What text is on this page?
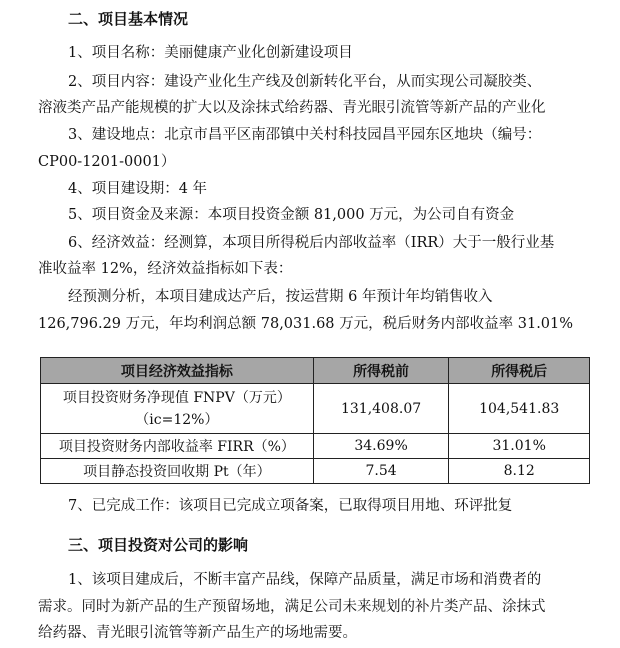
二、项目基本情况
1、项目名称：美丽健康产业化创新建设项目
2、项目内容：建设产业化生产线及创新转化平台，从而实现公司凝胶类、
溶液类产品产能规模的扩大以及涂抹式给药器、青光眼引流管等新产品的产业化
3、建设地点：北京市昌平区南邵镇中关村科技园昌平园东区地块（编号：
CP00-1201-0001）
4、项目建设期：4 年
5、项目资金及来源：本项目投资金额 81,000 万元，为公司自有资金
6、经济效益：经测算，本项目所得税后内部收益率（IRR）大于一般行业基
准收益率 12%，经济效益指标如下表：
经预测分析，本项目建成达产后，按运营期 6 年预计年均销售收入
126,796.29 万元，年均利润总额 78,031.68 万元，税后财务内部收益率 31.01%
项目经济效益指标	所得税前	所得税后

项目投资财务净现值 FNPV（万元）
（ic=12%）	131,408.07	104,541.83
项目投资财务内部收益率 FIRR（%）	34.69%	31.01%
项目静态投资回收期 Pt（年）	7.54	8.12
7、已完成工作：该项目已完成立项备案，已取得项目用地、环评批复
三、项目投资对公司的影响
1、该项目建成后，不断丰富产品线，保障产品质量，满足市场和消费者的
需求。同时为新产品的生产预留场地，满足公司未来规划的补片类产品、涂抹式
给药器、青光眼引流管等新产品生产的场地需要。
